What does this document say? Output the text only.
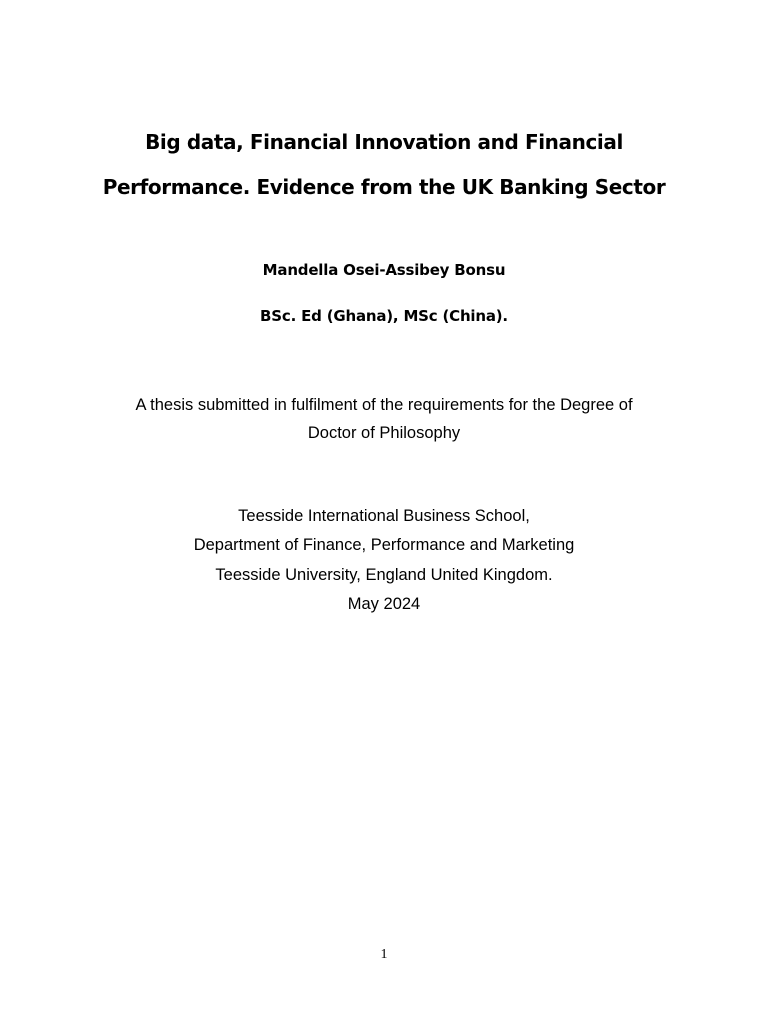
Big data, Financial Innovation and Financial
Performance. Evidence from the UK Banking Sector
Mandella Osei-Assibey Bonsu
BSc. Ed (Ghana), MSc (China).
A thesis submitted in fulfilment of the requirements for the Degree of
Doctor of Philosophy
Teesside International Business School,
Department of Finance, Performance and Marketing
Teesside University, England United Kingdom.
May 2024
1
